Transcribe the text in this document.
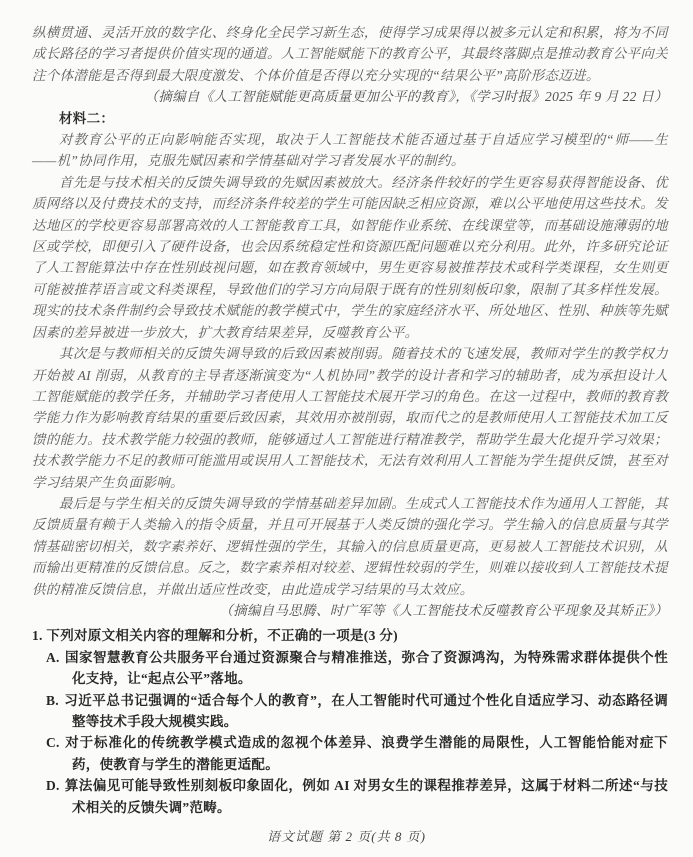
纵横贯通、灵活开放的数字化、终身化全民学习新生态，使得学习成果得以被多元认定和积累，将为不同成长路径的学习者提供价值实现的通道。人工智能赋能下的教育公平，其最终落脚点是推动教育公平向关注个体潜能是否得到最大限度激发、个体价值是否得以充分实现的“结果公平”高阶形态迈进。

（摘编自《人工智能赋能更高质量更加公平的教育》，《学习时报》2025 年 9 月 22 日）

材料二：

对教育公平的正向影响能否实现，取决于人工智能技术能否通过基于自适应学习模型的“师——生——机”协同作用，克服先赋因素和学情基础对学习者发展水平的制约。

首先是与技术相关的反馈失调导致的先赋因素被放大。经济条件较好的学生更容易获得智能设备、优质网络以及付费技术的支持，而经济条件较差的学生可能因缺乏相应资源，难以公平地使用这些技术。发达地区的学校更容易部署高效的人工智能教育工具，如智能作业系统、在线课堂等，而基础设施薄弱的地区或学校，即便引入了硬件设备，也会因系统稳定性和资源匹配问题难以充分利用。此外，许多研究论证了人工智能算法中存在性别歧视问题，如在教育领域中，男生更容易被推荐技术或科学类课程，女生则更可能被推荐语言或文科类课程，导致他们的学习方向局限于既有的性别刻板印象，限制了其多样性发展。现实的技术条件制约会导致技术赋能的教学模式中，学生的家庭经济水平、所处地区、性别、种族等先赋因素的差异被进一步放大，扩大教育结果差异，反噬教育公平。

其次是与教师相关的反馈失调导致的后致因素被削弱。随着技术的飞速发展，教师对学生的教学权力开始被 AI 削弱，从教育的主导者逐渐演变为“人机协同”教学的设计者和学习的辅助者，成为承担设计人工智能赋能的教学任务，并辅助学习者使用人工智能技术展开学习的角色。在这一过程中，教师的教育教学能力作为影响教育结果的重要后致因素，其效用亦被削弱，取而代之的是教师使用人工智能技术加工反馈的能力。技术教学能力较强的教师，能够通过人工智能进行精准教学，帮助学生最大化提升学习效果；技术教学能力不足的教师可能滥用或误用人工智能技术，无法有效利用人工智能为学生提供反馈，甚至对学习结果产生负面影响。

最后是与学生相关的反馈失调导致的学情基础差异加剧。生成式人工智能技术作为通用人工智能，其反馈质量有赖于人类输入的指令质量，并且可开展基于人类反馈的强化学习。学生输入的信息质量与其学情基础密切相关，数字素养好、逻辑性强的学生，其输入的信息质量更高，更易被人工智能技术识别，从而输出更精准的反馈信息。反之，数字素养相对较差、逻辑性较弱的学生，则难以接收到人工智能技术提供的精准反馈信息，并做出适应性改变，由此造成学习结果的马太效应。

（摘编自马思腾、时广军等《人工智能技术反噬教育公平现象及其矫正》）

1. 下列对原文相关内容的理解和分析，不正确的一项是(3 分)

A. 国家智慧教育公共服务平台通过资源聚合与精准推送，弥合了资源鸿沟，为特殊需求群体提供个性化支持，让“起点公平”落地。
B. 习近平总书记强调的“适合每个人的教育”，在人工智能时代可通过个性化自适应学习、动态路径调整等技术手段大规模实践。
C. 对于标准化的传统教学模式造成的忽视个体差异、浪费学生潜能的局限性，人工智能恰能对症下药，使教育与学生的潜能更适配。
D. 算法偏见可能导致性别刻板印象固化，例如 AI 对男女生的课程推荐差异，这属于材料二所述“与技术相关的反馈失调”范畴。
语文试题 第 2 页(共 8 页)
